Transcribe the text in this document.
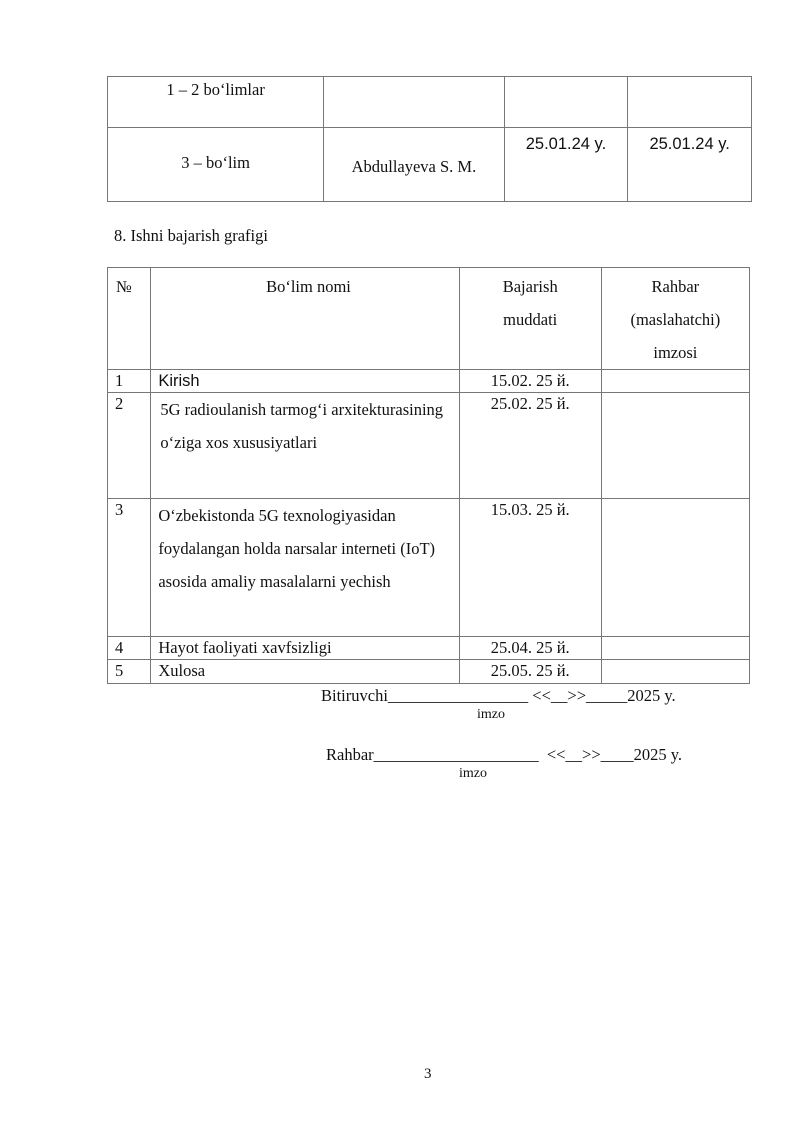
1 – 2 bo‘limlar			
3 – bo‘lim	Abdullayeva S. M.	25.01.24 y.	25.01.24 y.
8. Ishni bajarish grafigi
№	Bo‘lim nomi	Bajarish muddati	Rahbar (maslahatchi) imzosi
1	Kirish	15.02. 25 й.	
2	5G radioulanish tarmog‘i arxitekturasining o‘ziga xos xususiyatlari	25.02. 25 й.	
3	O‘zbekistonda 5G texnologiyasidan foydalangan holda narsalar interneti (IoT) asosida amaliy masalalarni yechish	15.03. 25 й.	
4	Hayot faoliyati xavfsizligi	25.04. 25 й.	
5	Xulosa	25.05. 25 й.	
Bitiruvchi_________________ <<__>>_____2025 y.
imzo
Rahbar____________________  <<__>>____2025 y.
imzo
3
